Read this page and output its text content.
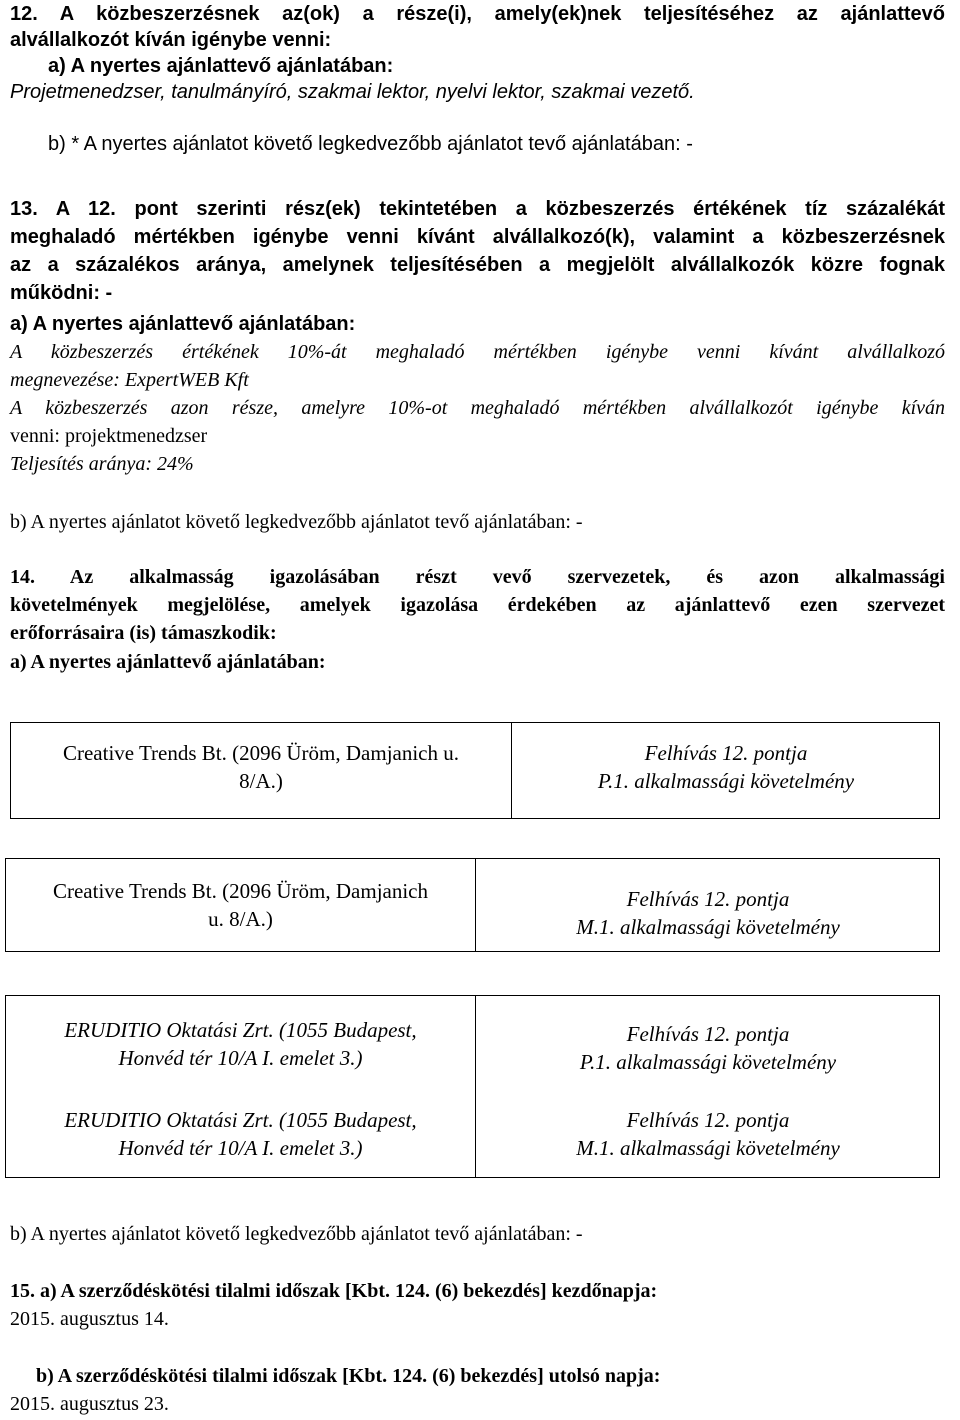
12. A közbeszerzésnek az(ok) a része(i), amely(ek)nek teljesítéséhez az ajánlattevő
alvállalkozót kíván igénybe venni:
a) A nyertes ajánlattevő ajánlatában:
Projetmenedzser, tanulmányíró, szakmai lektor, nyelvi lektor, szakmai vezető.
b) * A nyertes ajánlatot követő legkedvezőbb ajánlatot tevő ajánlatában: -
13. A 12. pont szerinti rész(ek) tekintetében a közbeszerzés értékének tíz százalékát
meghaladó mértékben igénybe venni kívánt alvállalkozó(k), valamint a közbeszerzésnek
az a százalékos aránya, amelynek teljesítésében a megjelölt alvállalkozók közre fognak
működni: -
a) A nyertes ajánlattevő ajánlatában:
A közbeszerzés értékének 10%-át meghaladó mértékben igénybe venni kívánt alvállalkozó
megnevezése: ExpertWEB Kft
A közbeszerzés azon része, amelyre 10%-ot meghaladó mértékben alvállalkozót igénybe kíván
venni: projektmenedzser
Teljesítés aránya: 24%
b) A nyertes ajánlatot követő legkedvezőbb ajánlatot tevő ajánlatában: -
14. Az alkalmasság igazolásában részt vevő szervezetek, és azon alkalmassági
követelmények megjelölése, amelyek igazolása érdekében az ajánlattevő ezen szervezet
erőforrásaira (is) támaszkodik:
a) A nyertes ajánlattevő ajánlatában:
Creative Trends Bt. (2096 Üröm, Damjanich u.
8/A.)
Felhívás 12. pontja
P.1. alkalmassági követelmény
Creative Trends Bt. (2096 Üröm, Damjanich
u. 8/A.)
Felhívás 12. pontja
M.1. alkalmassági követelmény
ERUDITIO Oktatási Zrt. (1055 Budapest,
Honvéd tér 10/A I. emelet 3.)
Felhívás 12. pontja
P.1. alkalmassági követelmény
ERUDITIO Oktatási Zrt. (1055 Budapest,
Honvéd tér 10/A I. emelet 3.)
Felhívás 12. pontja
M.1. alkalmassági követelmény
b) A nyertes ajánlatot követő legkedvezőbb ajánlatot tevő ajánlatában: -
15. a) A szerződéskötési tilalmi időszak [Kbt. 124. (6) bekezdés] kezdőnapja:
2015. augusztus 14.
b) A szerződéskötési tilalmi időszak [Kbt. 124. (6) bekezdés] utolsó napja:
2015. augusztus 23.
